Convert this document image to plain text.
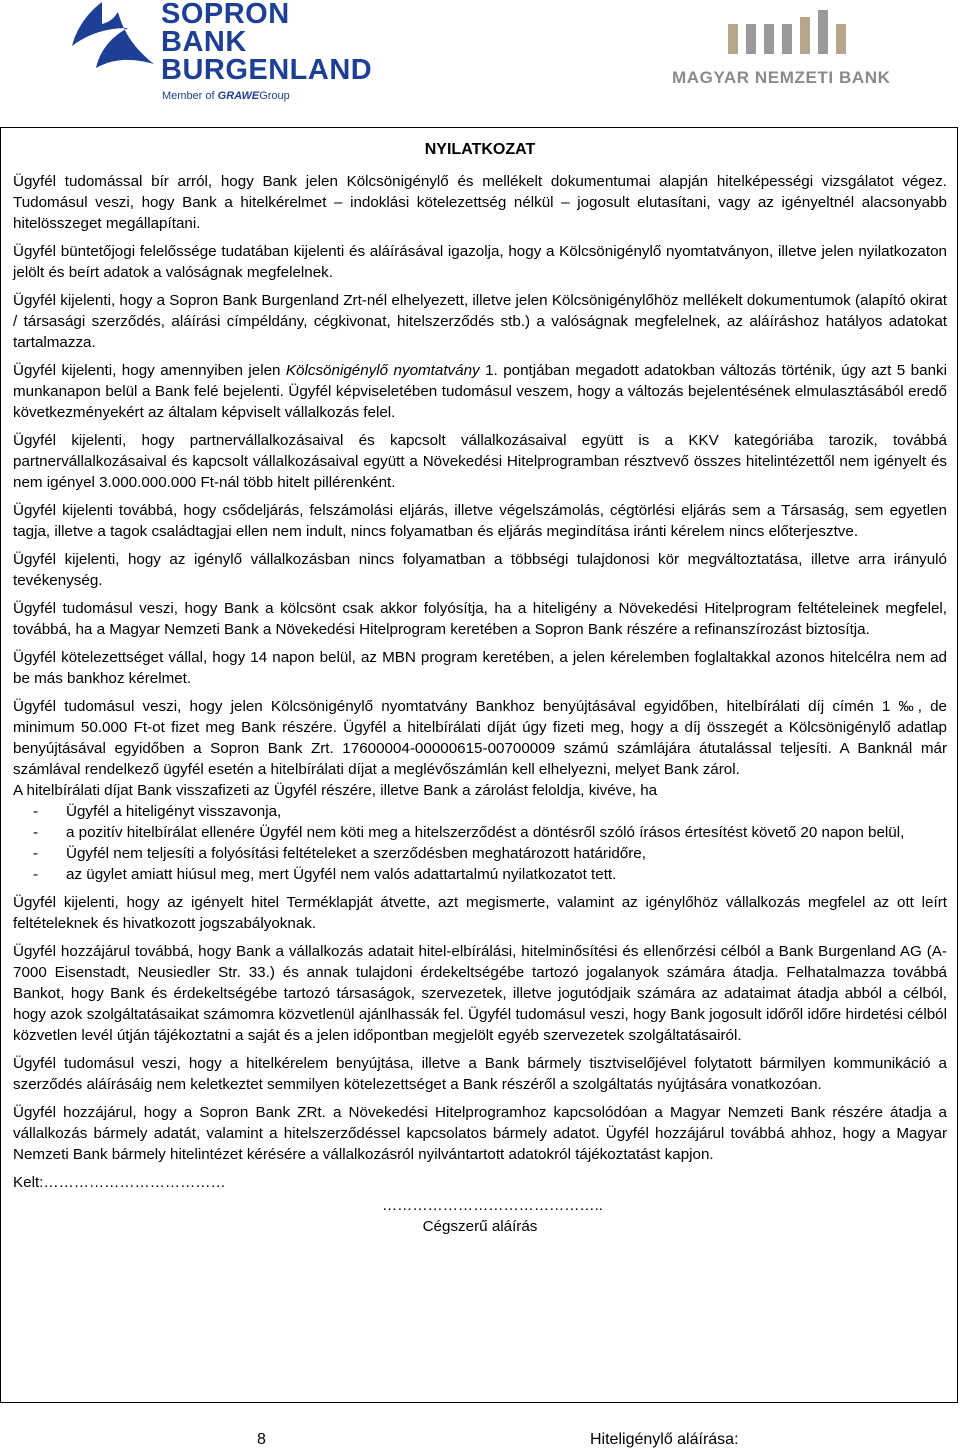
SOPRON
BANK
BURGENLAND
Member of GRAWEGroup
MAGYAR NEMZETI BANK
NYILATKOZAT

Ügyfél tudomással bír arról, hogy Bank jelen Kölcsönigénylő és mellékelt dokumentumai alapján hitelképességi vizsgálatot végez. Tudomásul veszi, hogy Bank a hitelkérelmet – indoklási kötelezettség nélkül – jogosult elutasítani, vagy az igényeltnél alacsonyabb hitelösszeget megállapítani.

Ügyfél büntetőjogi felelőssége tudatában kijelenti és aláírásával igazolja, hogy a Kölcsönigénylő nyomtatványon, illetve jelen nyilatkozaton jelölt és beírt adatok a valóságnak megfelelnek.

Ügyfél kijelenti, hogy a Sopron Bank Burgenland Zrt-nél elhelyezett, illetve jelen Kölcsönigénylőhöz mellékelt dokumentumok (alapító okirat / társasági szerződés, aláírási címpéldány, cégkivonat, hitelszerződés stb.) a valóságnak megfelelnek, az aláíráshoz hatályos adatokat tartalmazza.

Ügyfél kijelenti, hogy amennyiben jelen Kölcsönigénylő nyomtatvány 1. pontjában megadott adatokban változás történik, úgy azt 5 banki munkanapon belül a Bank felé bejelenti. Ügyfél képviseletében tudomásul veszem, hogy a változás bejelentésének elmulasztásából eredő következményekért az általam képviselt vállalkozás felel.

Ügyfél kijelenti, hogy partnervállalkozásaival és kapcsolt vállalkozásaival együtt is a KKV kategóriába tarozik, továbbá partnervállalkozásaival és kapcsolt vállalkozásaival együtt a Növekedési Hitelprogramban résztvevő összes hitelintézettől nem igényelt és nem igényel 3.000.000.000 Ft-nál több hitelt pillérenként.

Ügyfél kijelenti továbbá, hogy csődeljárás, felszámolási eljárás, illetve végelszámolás, cégtörlési eljárás sem a Társaság, sem egyetlen tagja, illetve a tagok családtagjai ellen nem indult, nincs folyamatban és eljárás megindítása iránti kérelem nincs előterjesztve.

Ügyfél kijelenti, hogy az igénylő vállalkozásban nincs folyamatban a többségi tulajdonosi kör megváltoztatása, illetve arra irányuló tevékenység.

Ügyfél tudomásul veszi, hogy Bank a kölcsönt csak akkor folyósítja, ha a hiteligény a Növekedési Hitelprogram feltételeinek megfelel, továbbá, ha a Magyar Nemzeti Bank a Növekedési Hitelprogram keretében a Sopron Bank részére a refinanszírozást biztosítja.

Ügyfél kötelezettséget vállal, hogy 14 napon belül, az MBN program keretében, a jelen kérelemben foglaltakkal azonos hitelcélra nem ad be más bankhoz kérelmet.

Ügyfél tudomásul veszi, hogy jelen Kölcsönigénylő nyomtatvány Bankhoz benyújtásával egyidőben, hitelbírálati díj címén 1 ‰, de minimum 50.000 Ft-ot fizet meg Bank részére. Ügyfél a hitelbírálati díját úgy fizeti meg, hogy a díj összegét a Kölcsönigénylő adatlap benyújtásával egyidőben a Sopron Bank Zrt. 17600004-00000615-00700009 számú számlájára átutalással teljesíti. A Banknál már számlával rendelkező ügyfél esetén a hitelbírálati díjat a meglévőszámlán kell elhelyezni, melyet Bank zárol.

A hitelbírálati díjat Bank visszafizeti az Ügyfél részére, illetve Bank a zárolást feloldja, kivéve, ha

- Ügyfél a hiteligényt visszavonja,
- a pozitív hitelbírálat ellenére Ügyfél nem köti meg a hitelszerződést a döntésről szóló írásos értesítést követő 20 napon belül,
- Ügyfél nem teljesíti a folyósítási feltételeket a szerződésben meghatározott határidőre,
- az ügylet amiatt hiúsul meg, mert Ügyfél nem valós adattartalmú nyilatkozatot tett.

Ügyfél kijelenti, hogy az igényelt hitel Terméklapját átvette, azt megismerte, valamint az igénylőhöz vállalkozás megfelel az ott leírt feltételeknek és hivatkozott jogszabályoknak.

Ügyfél hozzájárul továbbá, hogy Bank a vállalkozás adatait hitel-elbírálási, hitelminősítési és ellenőrzési célból a Bank Burgenland AG (A-7000 Eisenstadt, Neusiedler Str. 33.) és annak tulajdoni érdekeltségébe tartozó jogalanyok számára átadja. Felhatalmazza továbbá Bankot, hogy Bank és érdekeltségébe tartozó társaságok, szervezetek, illetve jogutódjaik számára az adataimat átadja abból a célból, hogy azok szolgáltatásaikat számomra közvetlenül ajánlhassák fel. Ügyfél tudomásul veszi, hogy Bank jogosult időről időre hirdetési célból közvetlen levél útján tájékoztatni a saját és a jelen időpontban megjelölt egyéb szervezetek szolgáltatásairól.

Ügyfél tudomásul veszi, hogy a hitelkérelem benyújtása, illetve a Bank bármely tisztviselőjével folytatott bármilyen kommunikáció a szerződés aláírásáig nem keletkeztet semmilyen kötelezettséget a Bank részéről a szolgáltatás nyújtására vonatkozóan.

Ügyfél hozzájárul, hogy a Sopron Bank ZRt. a Növekedési Hitelprogramhoz kapcsolódóan a Magyar Nemzeti Bank részére átadja a vállalkozás bármely adatát, valamint a hitelszerződéssel kapcsolatos bármely adatot. Ügyfél hozzájárul továbbá ahhoz, hogy a Magyar Nemzeti Bank bármely hitelintézet kérésére a vállalkozásról nyilvántartott adatokról tájékoztatást kapjon.

Kelt:………………………………
……………………………………..
Cégszerű aláírás
8	Hiteligénylő aláírása:
